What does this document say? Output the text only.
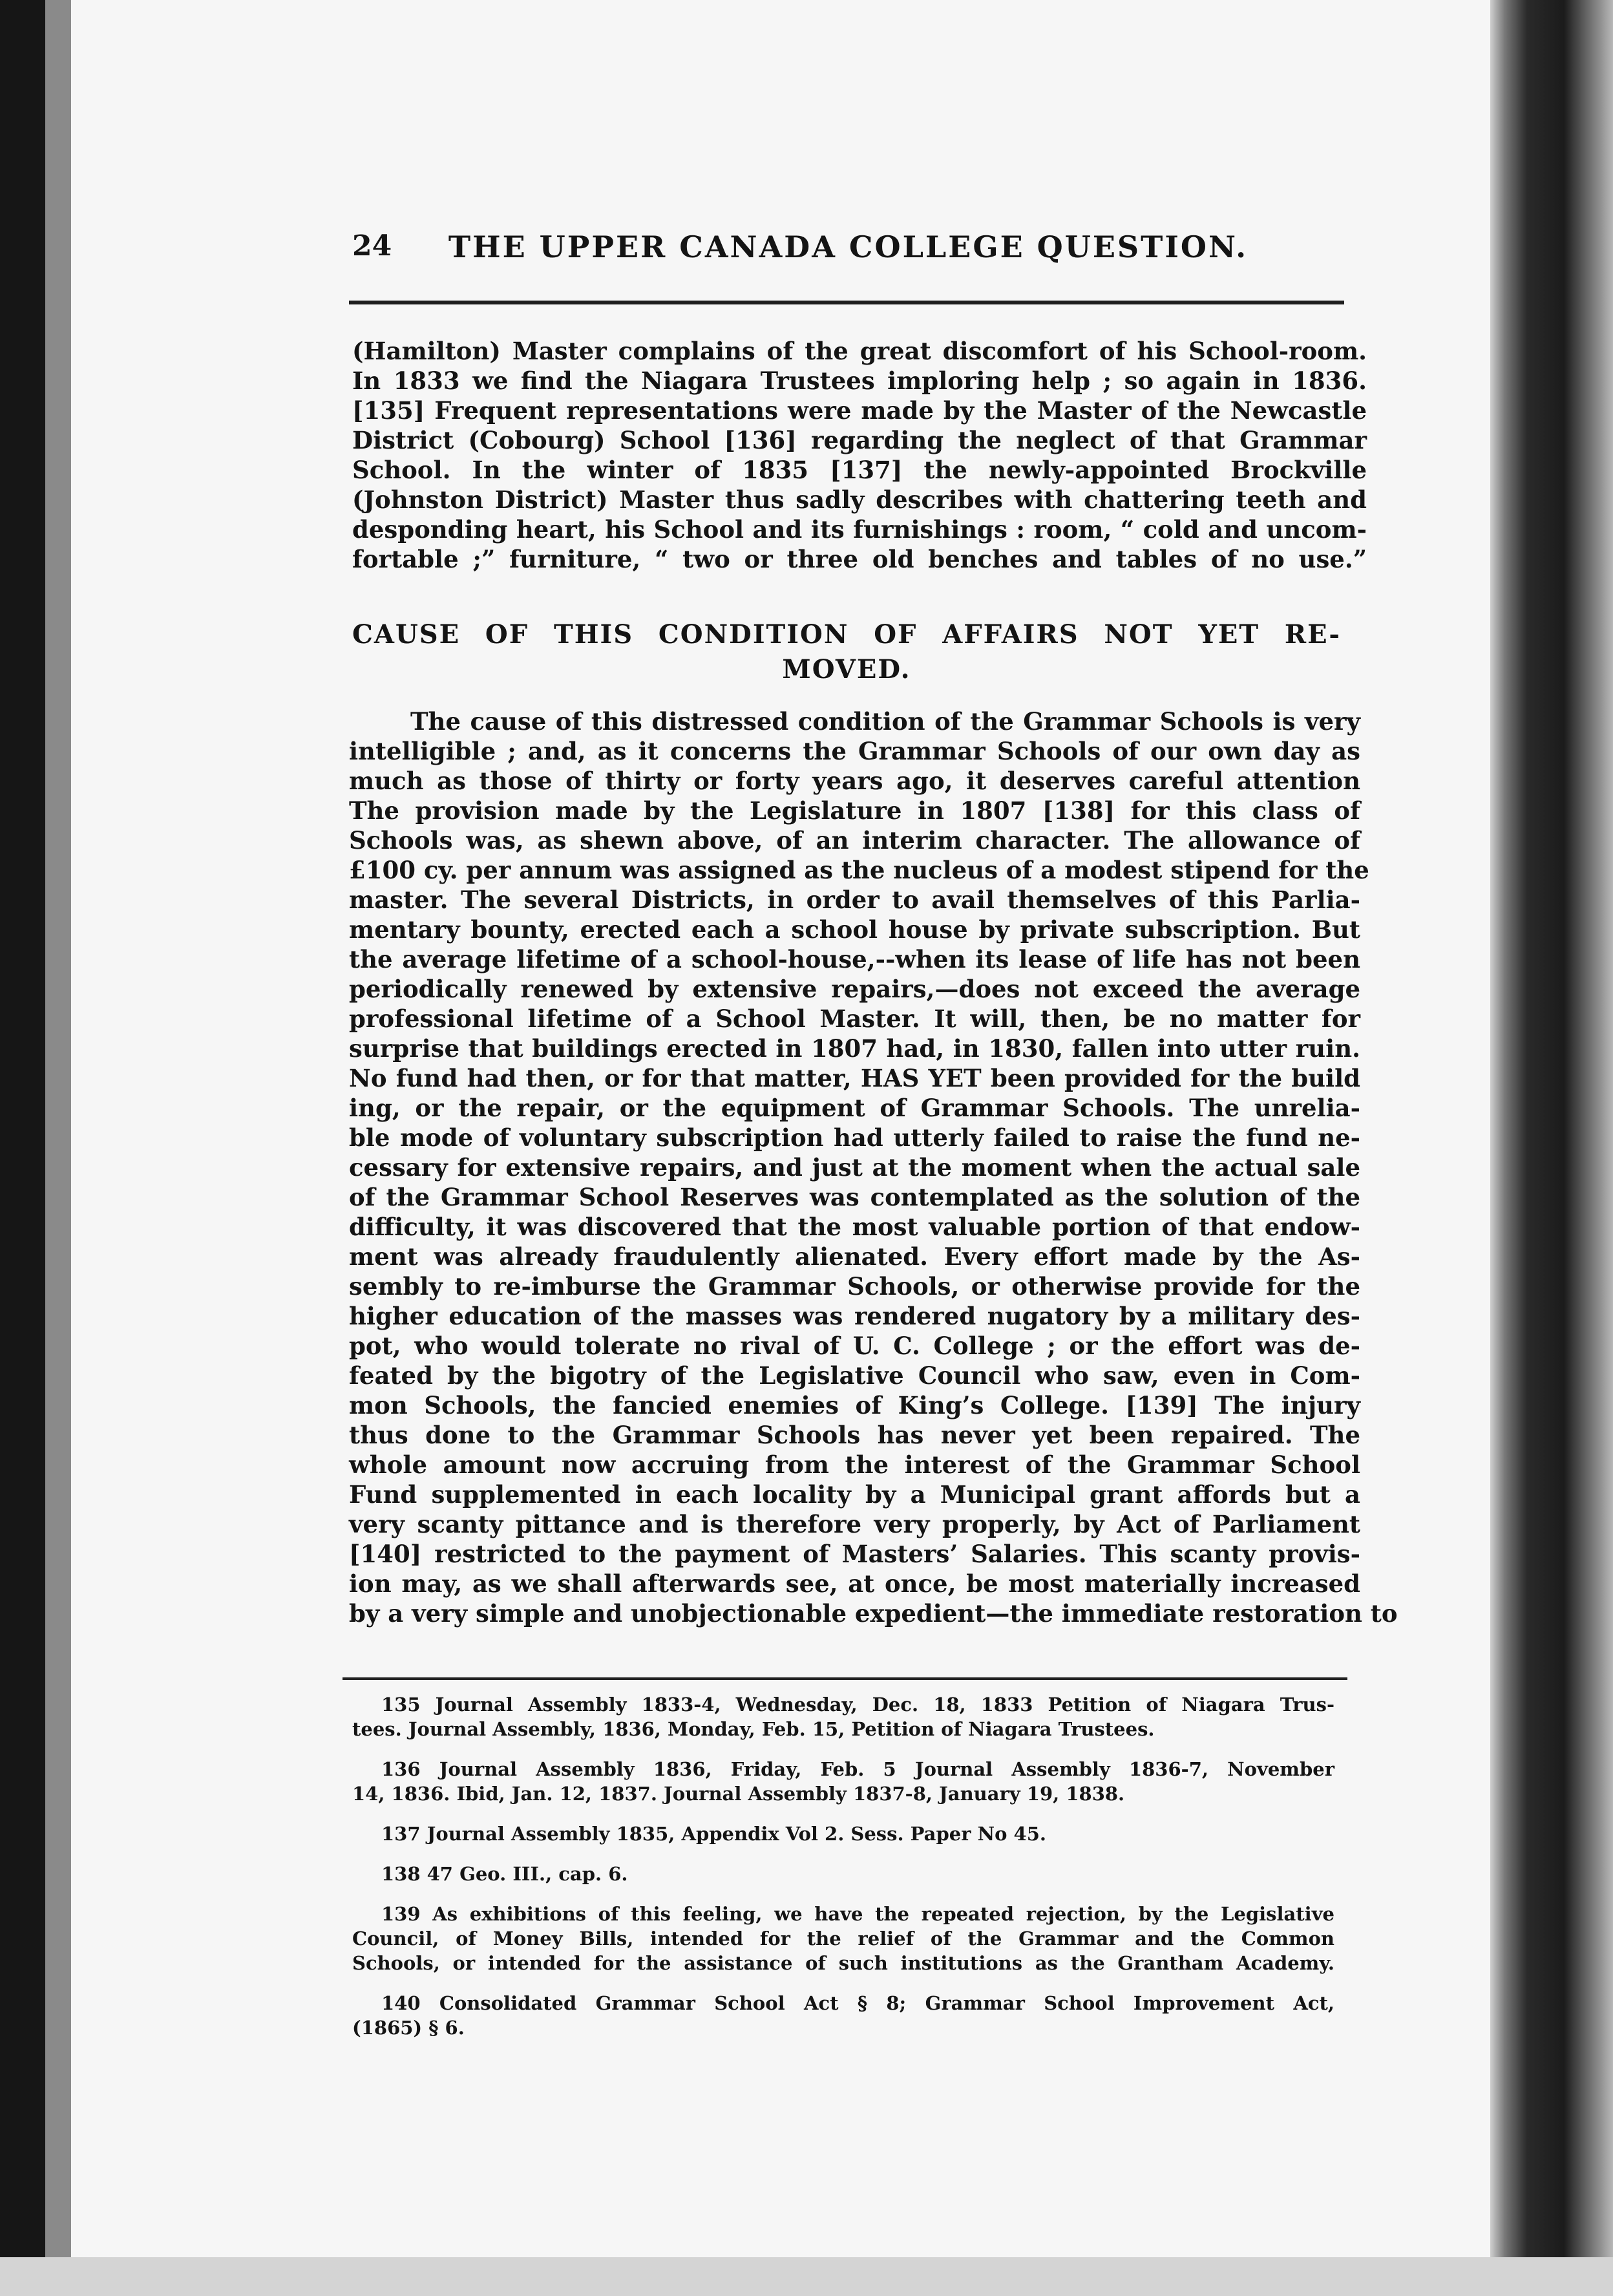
24	THE UPPER CANADA COLLEGE QUESTION.
(Hamilton) Master complains of the great discomfort of his School-room.
In 1833 we find the Niagara Trustees imploring help ; so again in 1836.
[135] Frequent representations were made by the Master of the Newcastle
District (Cobourg) School [136] regarding the neglect of that Grammar
School. In the winter of 1835 [137] the newly-appointed Brockville
(Johnston District) Master thus sadly describes with chattering teeth and
desponding heart, his School and its furnishings : room, “ cold and uncom-
fortable ;” furniture, “ two or three old benches and tables of no use.”
CAUSE OF THIS CONDITION OF AFFAIRS NOT YET RE-
MOVED.
The cause of this distressed condition of the Grammar Schools is very
intelligible ; and, as it concerns the Grammar Schools of our own day as
much as those of thirty or forty years ago, it deserves careful attention
The provision made by the Legislature in 1807 [138] for this class of
Schools was, as shewn above, of an interim character. The allowance of
£100 cy. per annum was assigned as the nucleus of a modest stipend for the
master. The several Districts, in order to avail themselves of this Parlia-
mentary bounty, erected each a school house by private subscription. But
the average lifetime of a school-house,--when its lease of life has not been
periodically renewed by extensive repairs,—does not exceed the average
professional lifetime of a School Master. It will, then, be no matter for
surprise that buildings erected in 1807 had, in 1830, fallen into utter ruin.
No fund had then, or for that matter, HAS YET been provided for the build
ing, or the repair, or the equipment of Grammar Schools. The unrelia-
ble mode of voluntary subscription had utterly failed to raise the fund ne-
cessary for extensive repairs, and just at the moment when the actual sale
of the Grammar School Reserves was contemplated as the solution of the
difficulty, it was discovered that the most valuable portion of that endow-
ment was already fraudulently alienated. Every effort made by the As-
sembly to re-imburse the Grammar Schools, or otherwise provide for the
higher education of the masses was rendered nugatory by a military des-
pot, who would tolerate no rival of U. C. College ; or the effort was de-
feated by the bigotry of the Legislative Council who saw, even in Com-
mon Schools, the fancied enemies of King’s College. [139] The injury
thus done to the Grammar Schools has never yet been repaired. The
whole amount now accruing from the interest of the Grammar School
Fund supplemented in each locality by a Municipal grant affords but a
very scanty pittance and is therefore very properly, by Act of Parliament
[140] restricted to the payment of Masters’ Salaries. This scanty provis-
ion may, as we shall afterwards see, at once, be most materially increased
by a very simple and unobjectionable expedient—the immediate restoration to
135 Journal Assembly 1833-4, Wednesday, Dec. 18, 1833 Petition of Niagara Trus-
tees. Journal Assembly, 1836, Monday, Feb. 15, Petition of Niagara Trustees.
136 Journal Assembly 1836, Friday, Feb. 5 Journal Assembly 1836-7, November
14, 1836. Ibid, Jan. 12, 1837. Journal Assembly 1837-8, January 19, 1838.
137 Journal Assembly 1835, Appendix Vol 2. Sess. Paper No 45.
138 47 Geo. III., cap. 6.
139 As exhibitions of this feeling, we have the repeated rejection, by the Legislative
Council, of Money Bills, intended for the relief of the Grammar and the Common
Schools, or intended for the assistance of such institutions as the Grantham Academy.
140 Consolidated Grammar School Act § 8; Grammar School Improvement Act,
(1865) § 6.
